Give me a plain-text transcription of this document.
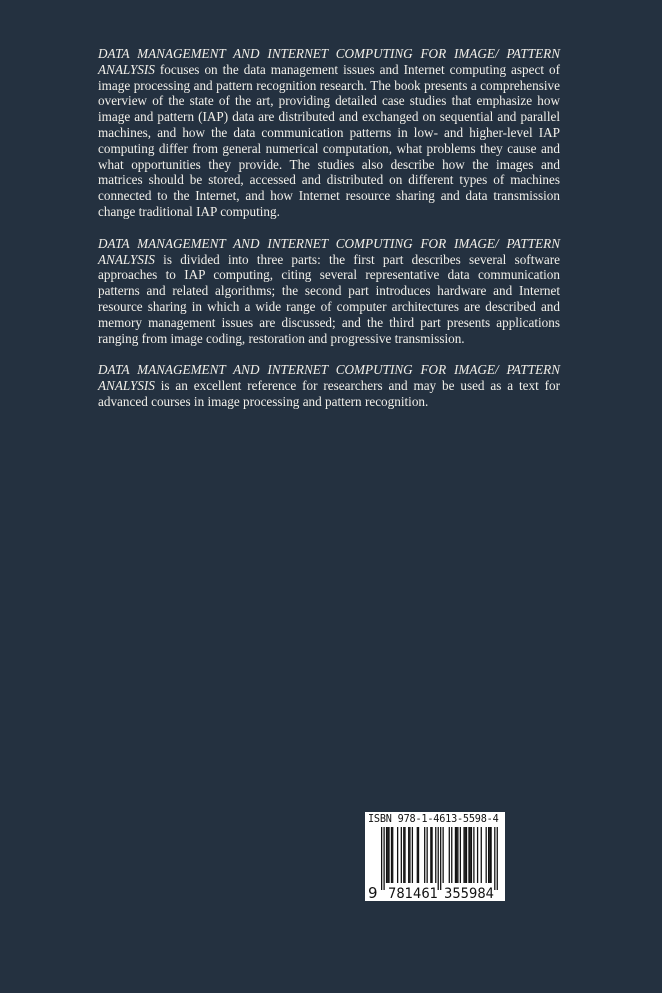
DATA MANAGEMENT AND INTERNET COMPUTING FOR IMAGE/ PATTERN ANALYSIS focuses on the data management issues and Internet computing aspect of image processing and pattern recognition research. The book presents a comprehensive overview of the state of the art, providing detailed case studies that emphasize how image and pattern (IAP) data are distributed and exchanged on sequential and parallel machines, and how the data communication patterns in low- and higher-level IAP computing differ from general numerical computation, what problems they cause and what opportunities they provide. The studies also describe how the images and matrices should be stored, accessed and distributed on different types of machines connected to the Internet, and how Internet resource sharing and data transmission change traditional IAP computing.

DATA MANAGEMENT AND INTERNET COMPUTING FOR IMAGE/ PATTERN ANALYSIS is divided into three parts: the first part describes several software approaches to IAP computing, citing several representative data communication patterns and related algorithms; the second part introduces hardware and Internet resource sharing in which a wide range of computer architectures are described and memory management issues are discussed; and the third part presents applications ranging from image coding, restoration and progressive transmission.

DATA MANAGEMENT AND INTERNET COMPUTING FOR IMAGE/ PATTERN ANALYSIS is an excellent reference for researchers and may be used as a text for advanced courses in image processing and pattern recognition.

ISBN 978-1-4613-5598-4
9 781461 355984
